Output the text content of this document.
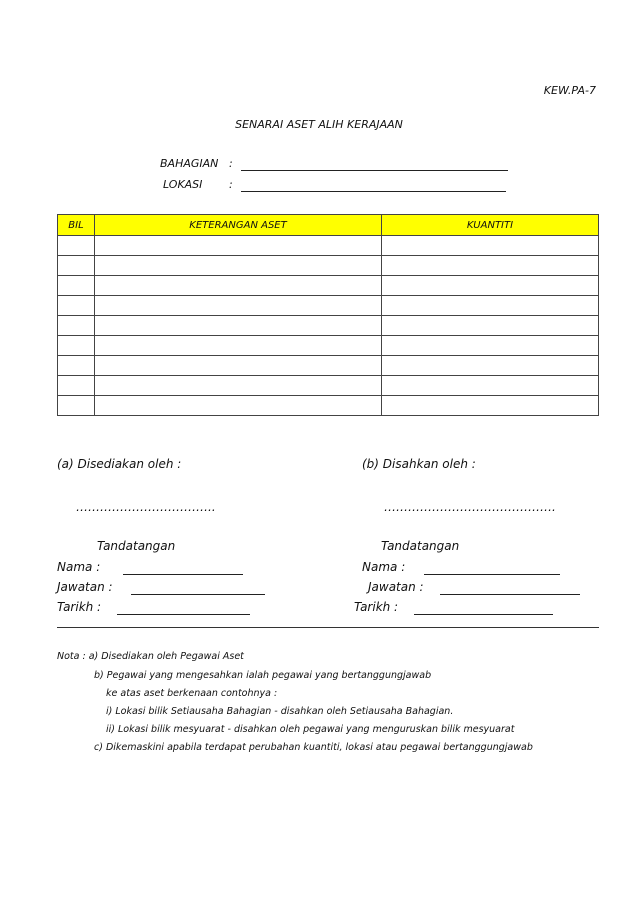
KEW.PA-7
SENARAI ASET ALIH KERAJAAN
BAHAGIAN :
LOKASI :
BIL	KETERANGAN ASET	KUANTITI

(a) Disediakan oleh :
……………………………..
Tandatangan
Nama :
Jawatan :
Tarikh :
(b) Disahkan oleh :
…………………………………….
Tandatangan
Nama :
Jawatan :
Tarikh :
Nota : a) Disediakan oleh Pegawai Aset
b) Pegawai yang mengesahkan ialah pegawai yang bertanggungjawab
ke atas aset berkenaan contohnya :
i) Lokasi bilik Setiausaha Bahagian - disahkan oleh Setiausaha Bahagian.
ii) Lokasi bilik mesyuarat - disahkan oleh pegawai yang menguruskan bilik mesyuarat
c) Dikemaskini apabila terdapat perubahan kuantiti, lokasi atau pegawai bertanggungjawab
